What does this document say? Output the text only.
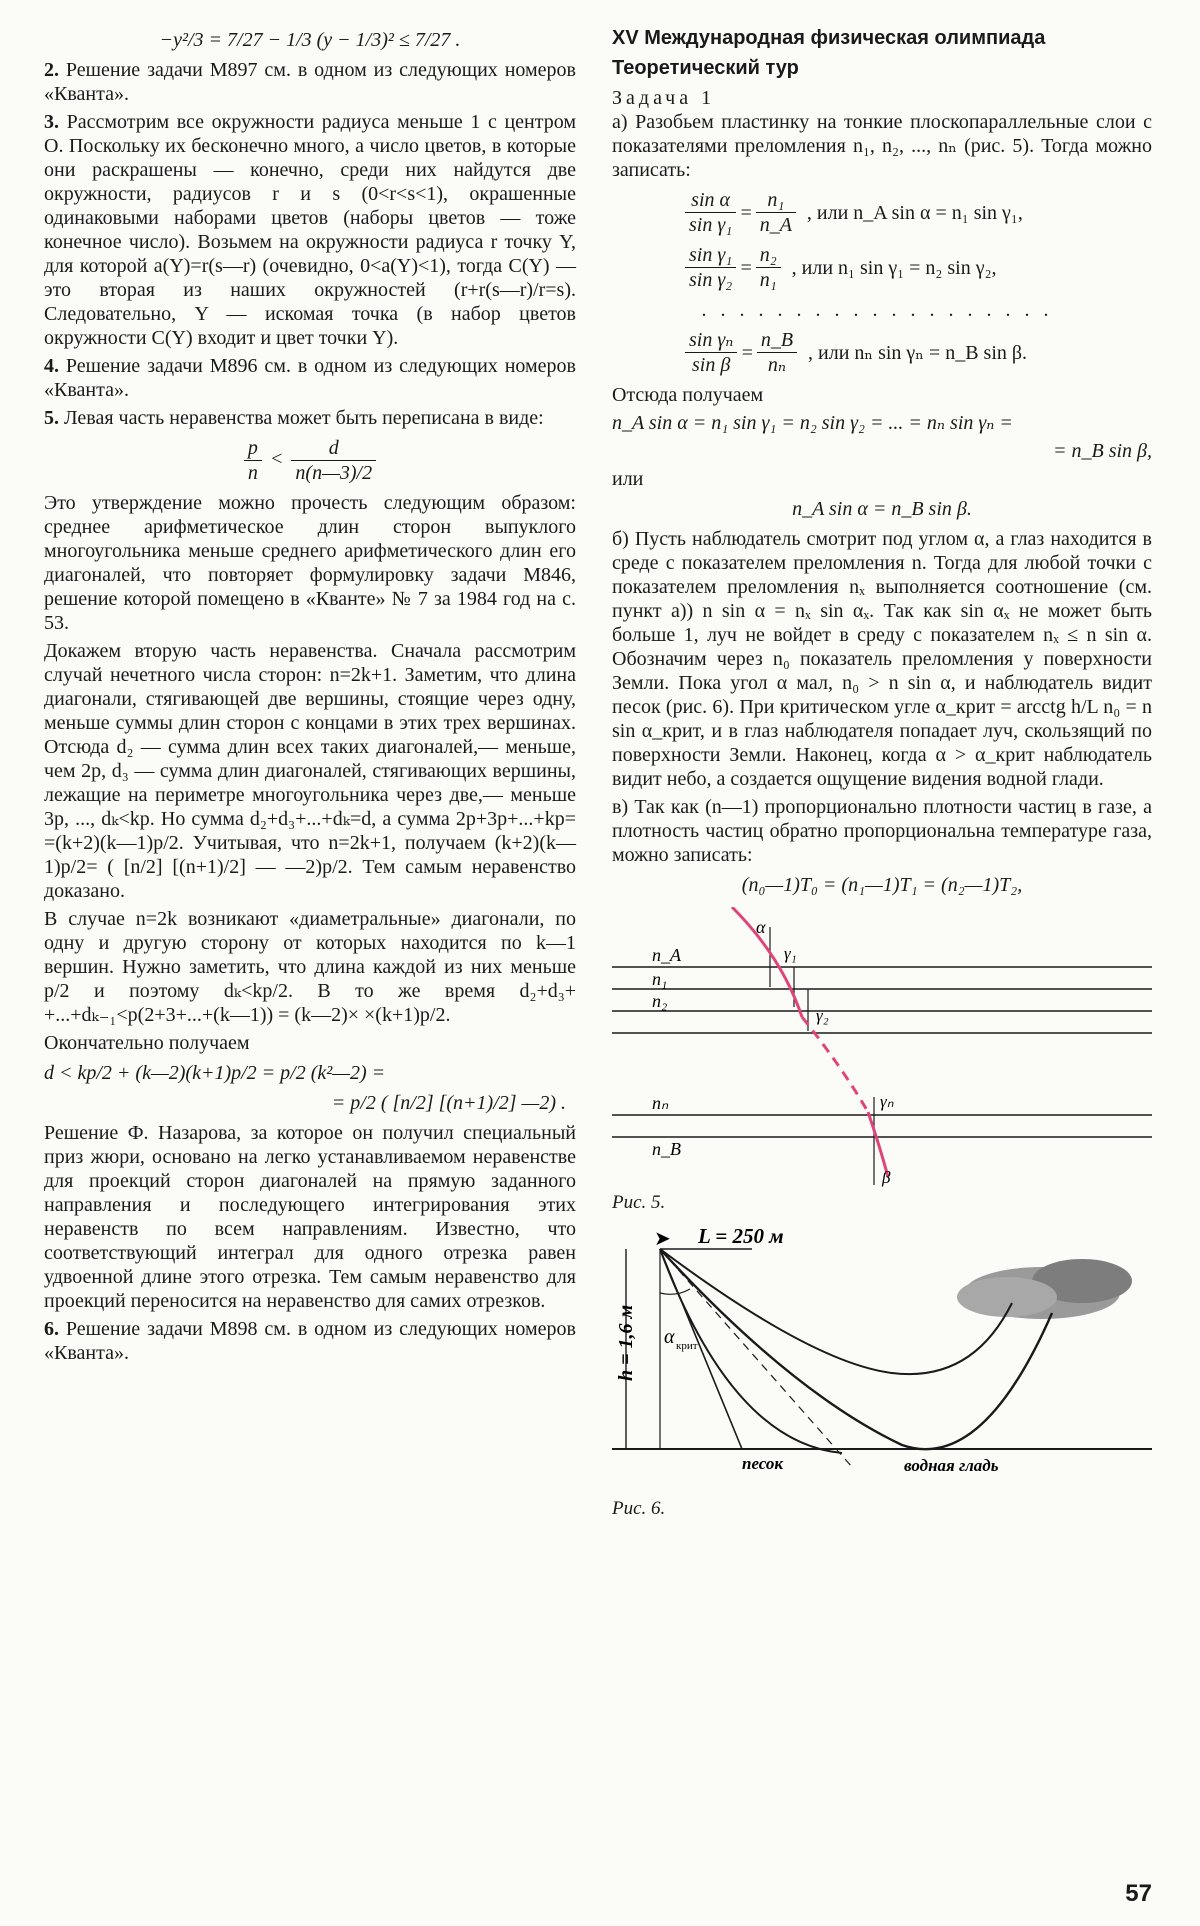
−y²/3 = 7/27 − 1/3 (y − 1/3)² ≤ 7/27 .

2. Решение задачи М897 см. в одном из следующих номеров «Кванта».

3. Рассмотрим все окружности радиуса меньше 1 с центром O. Поскольку их бесконечно много, а число цветов, в которые они раскрашены — конечно, среди них найдутся две окружности, радиусов r и s (0<r<s<1), окрашенные одинаковыми наборами цветов (наборы цветов — тоже конечное число). Возьмем на окружности радиуса r точку Y, для которой a(Y)=r(s—r) (очевидно, 0<a(Y)<1), тогда C(Y) — это вторая из наших окружностей (r+r(s—r)/r=s). Следовательно, Y — искомая точка (в набор цветов окружности C(Y) входит и цвет точки Y).

4. Решение задачи М896 см. в одном из следующих номеров «Кванта».

5. Левая часть неравенства может быть переписана в виде:

$\frac{p}{n} < \frac{d}{n(n—3)/2}$

Это утверждение можно прочесть следующим образом: среднее арифметическое длин сторон выпуклого многоугольника меньше среднего арифметического длин его диагоналей, что повторяет формулировку задачи М846, решение которой помещено в «Кванте» № 7 за 1984 год на с. 53.

Докажем вторую часть неравенства. Сначала рассмотрим случай нечетного числа сторон: n=2k+1. Заметим, что длина диагонали, стягивающей две вершины, стоящие через одну, меньше суммы длин сторон с концами в этих трех вершинах. Отсюда d₂ — сумма длин всех таких диагоналей,— меньше, чем 2p, d₃ — сумма длин диагоналей, стягивающих вершины, лежащие на периметре многоугольника через две,— меньше 3p, ..., dₖ<kp. Но сумма d₂+d₃+...+dₖ=d, а сумма 2p+3p+...+kp= =(k+2)(k—1)p/2. Учитывая, что n=2k+1, получаем (k+2)(k—1)p/2= ( [n/2] [(n+1)/2] — —2)p/2. Тем самым неравенство доказано.

В случае n=2k возникают «диаметральные» диагонали, по одну и другую сторону от которых находится по k—1 вершин. Нужно заметить, что длина каждой из них меньше p/2 и поэтому dₖ<kp/2. В то же время d₂+d₃+ +...+dₖ₋₁<p(2+3+...+(k—1)) = (k—2)× ×(k+1)p/2.

Окончательно получаем

d < kp/2 + (k—2)(k+1)p/2 = p/2 (k²—2) =

= p/2 ( [n/2] [(n+1)/2] —2) .

Решение Ф. Назарова, за которое он получил специальный приз жюри, основано на легко устанавливаемом неравенстве для проекций сторон диагоналей на прямую заданного направления и последующего интегрирования этих неравенств по всем направлениям. Известно, что соответствующий интеграл для одного отрезка равен удвоенной длине этого отрезка. Тем самым неравенство для проекций переносится на неравенство для самих отрезков.

6. Решение задачи М898 см. в одном из следующих номеров «Кванта».

XV Международная физическая олимпиада
Теоретический тур
Задача 1

а) Разобьем пластинку на тонкие плоскопараллельные слои с показателями преломления n₁, n₂, ..., nₙ (рис. 5). Тогда можно записать:

$\frac{\text{sin α}}{\text{sin γ₁}} = \frac{\text{n₁}}{n\_A}$ , или n_A sin α = n₁ sin γ₁,
$\frac{\text{sin γ₁}}{\text{sin γ₂}} = \frac{\text{n₂}}{\text{n₁}}$ , или n₁ sin γ₁ = n₂ sin γ₂,
...................
$\frac{\text{sin γₙ}}{\text{sin β}} = \frac{n\_B}{\text{nₙ}}$ , или nₙ sin γₙ = n_B sin β.

Отсюда получаем

n_A sin α = n₁ sin γ₁ = n₂ sin γ₂ = ... = nₙ sin γₙ =

= n_B sin β,

или

n_A sin α = n_B sin β.

б) Пусть наблюдатель смотрит под углом α, а глаз находится в среде с показателем преломления n. Тогда для любой точки с показателем преломления nₓ выполняется соотношение (см. пункт а)) n sin α = nₓ sin αₓ. Так как sin αₓ не может быть больше 1, луч не войдет в среду с показателем nₓ ≤ n sin α. Обозначим через n₀ показатель преломления у поверхности Земли. Пока угол α мал, n₀ > n sin α, и наблюдатель видит песок (рис. 6). При критическом угле α_крит = arcctg h/L n₀ = n sin α_крит, и в глаз наблюдателя попадает луч, скользящий по поверхности Земли. Наконец, когда α > α_крит наблюдатель видит небо, а создается ощущение видения водной глади.

в) Так как (n—1) пропорционально плотности частиц в газе, а плотность частиц обратно пропорциональна температуре газа, можно записать:

(n₀—1)T₀ = (n₁—1)T₁ = (n₂—1)T₂,

n_A
n₁
n₂
nₙ
n_B
α
γ₁
γ₂
γₙ
β
Рис. 5.
➤ L = 250 м
h = 1,6 м α крит
песок	водная гладь
Рис. 6.
57
